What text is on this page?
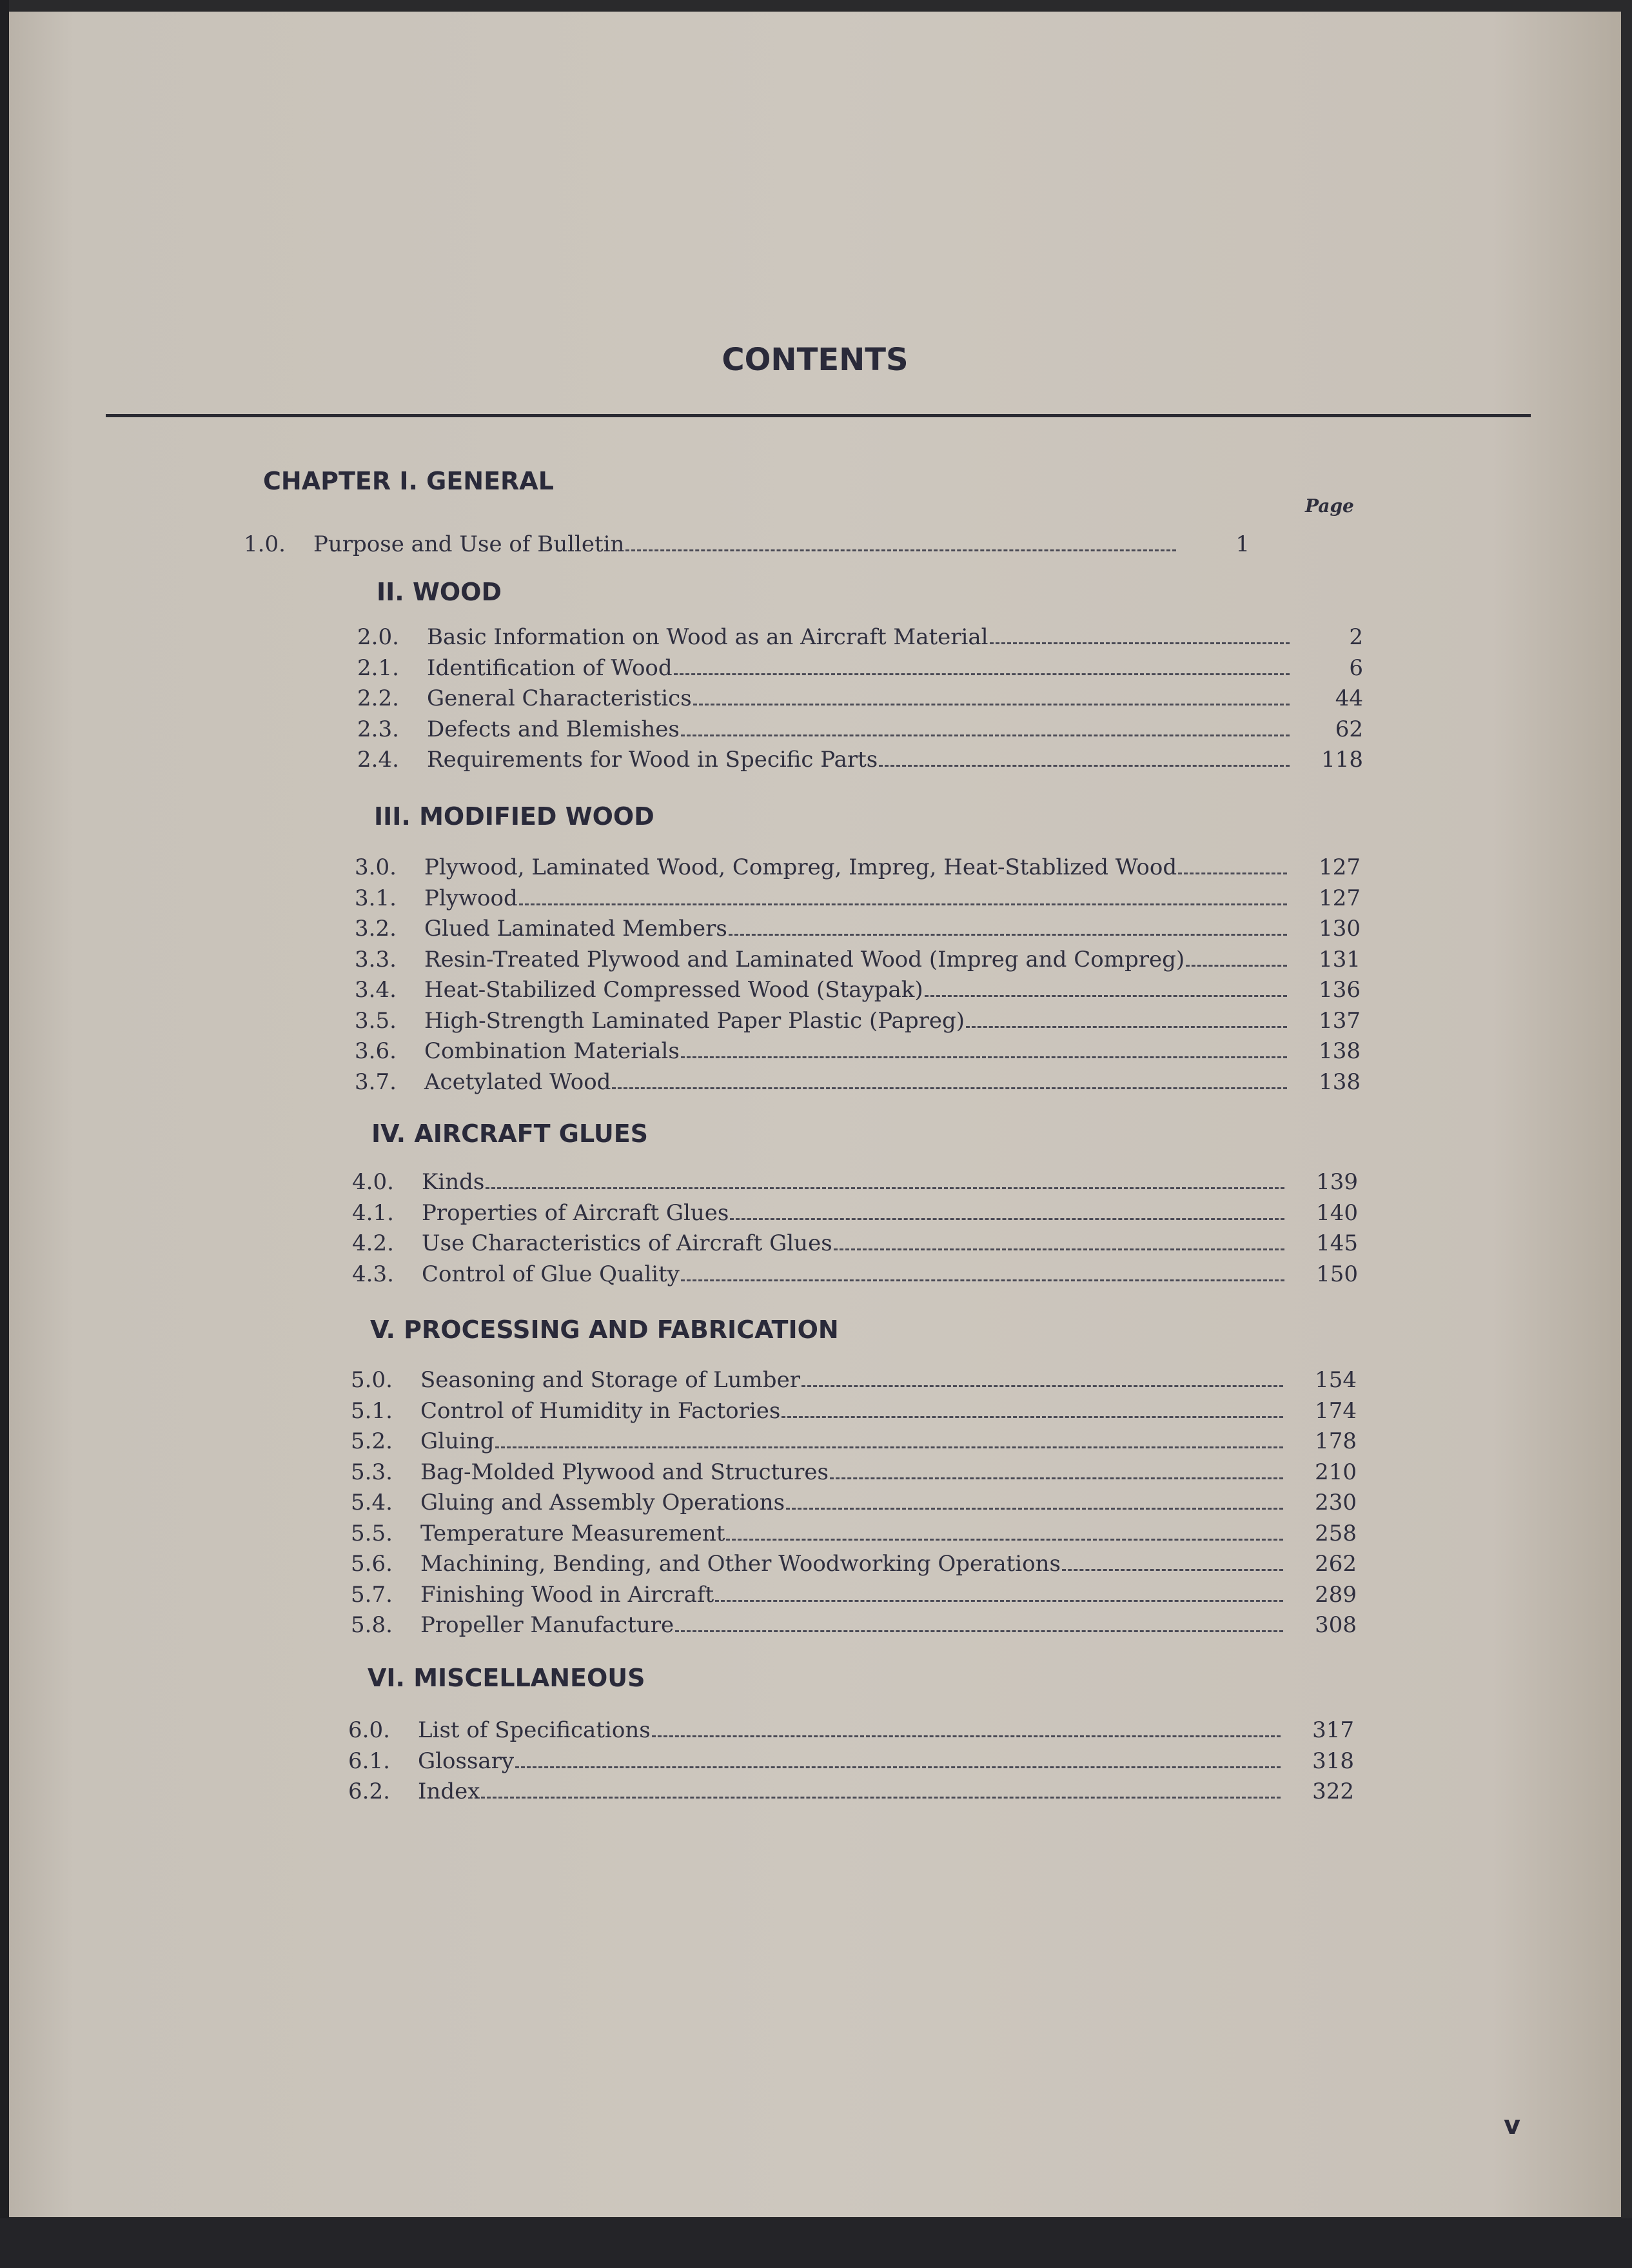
CONTENTS
Page
CHAPTER I. GENERAL
1.0.	Purpose and Use of Bulletin	1
II. WOOD
2.0.	Basic Information on Wood as an Aircraft Material	2
2.1.	Identification of Wood	6
2.2.	General Characteristics	44
2.3.	Defects and Blemishes	62
2.4.	Requirements for Wood in Specific Parts	118
III. MODIFIED WOOD
3.0.	Plywood, Laminated Wood, Compreg, Impreg, Heat-Stablized Wood	127
3.1.	Plywood	127
3.2.	Glued Laminated Members	130
3.3.	Resin-Treated Plywood and Laminated Wood (Impreg and Compreg)	131
3.4.	Heat-Stabilized Compressed Wood (Staypak)	136
3.5.	High-Strength Laminated Paper Plastic (Papreg)	137
3.6.	Combination Materials	138
3.7.	Acetylated Wood	138
IV. AIRCRAFT GLUES
4.0.	Kinds	139
4.1.	Properties of Aircraft Glues	140
4.2.	Use Characteristics of Aircraft Glues	145
4.3.	Control of Glue Quality	150
V. PROCESSING AND FABRICATION
5.0.	Seasoning and Storage of Lumber	154
5.1.	Control of Humidity in Factories	174
5.2.	Gluing	178
5.3.	Bag-Molded Plywood and Structures	210
5.4.	Gluing and Assembly Operations	230
5.5.	Temperature Measurement	258
5.6.	Machining, Bending, and Other Woodworking Operations	262
5.7.	Finishing Wood in Aircraft	289
5.8.	Propeller Manufacture	308
VI. MISCELLANEOUS
6.0.	List of Specifications	317
6.1.	Glossary	318
6.2.	Index	322
v
